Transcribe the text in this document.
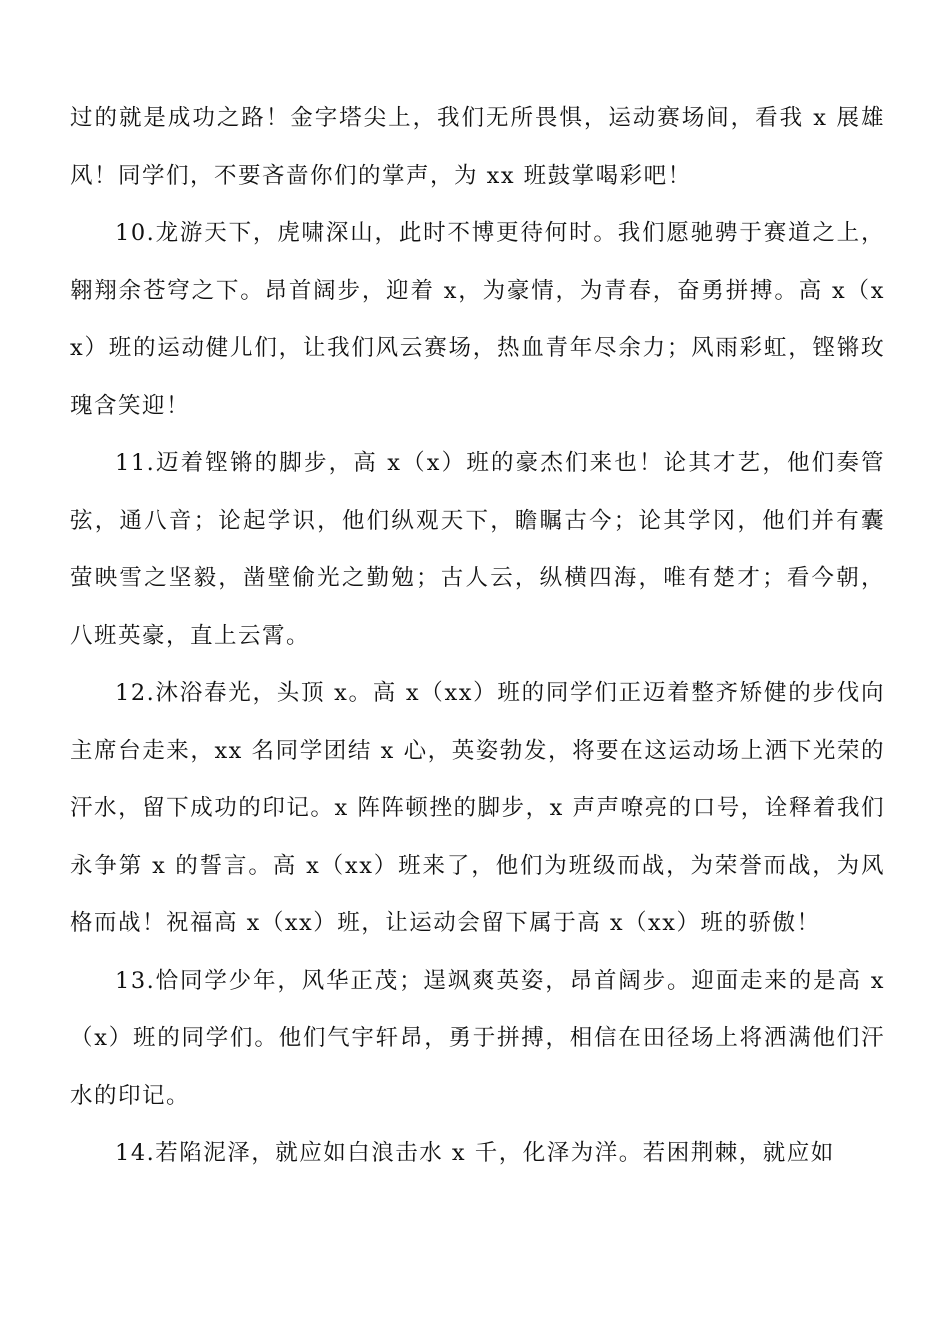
过的就是成功之路！金字塔尖上，我们无所畏惧，运动赛场间，看我 x 展雄风！同学们，不要吝啬你们的掌声，为 xx 班鼓掌喝彩吧！

10.龙游天下，虎啸深山，此时不博更待何时。我们愿驰骋于赛道之上，翱翔余苍穹之下。昂首阔步，迎着 x，为豪情，为青春，奋勇拼搏。高 x（xx）班的运动健儿们，让我们风云赛场，热血青年尽余力；风雨彩虹，铿锵玫瑰含笑迎！

11.迈着铿锵的脚步，高 x（x）班的豪杰们来也！论其才艺，他们奏管弦，通八音；论起学识，他们纵观天下，瞻瞩古今；论其学冈，他们并有囊萤映雪之坚毅，凿壁偷光之勤勉；古人云，纵横四海，唯有楚才；看今朝，八班英豪，直上云霄。

12.沐浴春光，头顶 x。高 x（xx）班的同学们正迈着整齐矫健的步伐向主席台走来，xx 名同学团结 x 心，英姿勃发，将要在这运动场上洒下光荣的汗水，留下成功的印记。x 阵阵顿挫的脚步，x 声声嘹亮的口号，诠释着我们永争第 x 的誓言。高 x（xx）班来了，他们为班级而战，为荣誉而战，为风格而战！祝福高 x（xx）班，让运动会留下属于高 x（xx）班的骄傲！

13.恰同学少年，风华正茂；逞飒爽英姿，昂首阔步。迎面走来的是高 x（x）班的同学们。他们气宇轩昂，勇于拼搏，相信在田径场上将洒满他们汗水的印记。

14.若陷泥泽，就应如白浪击水 x 千，化泽为洋。若困荆棘，就应如
